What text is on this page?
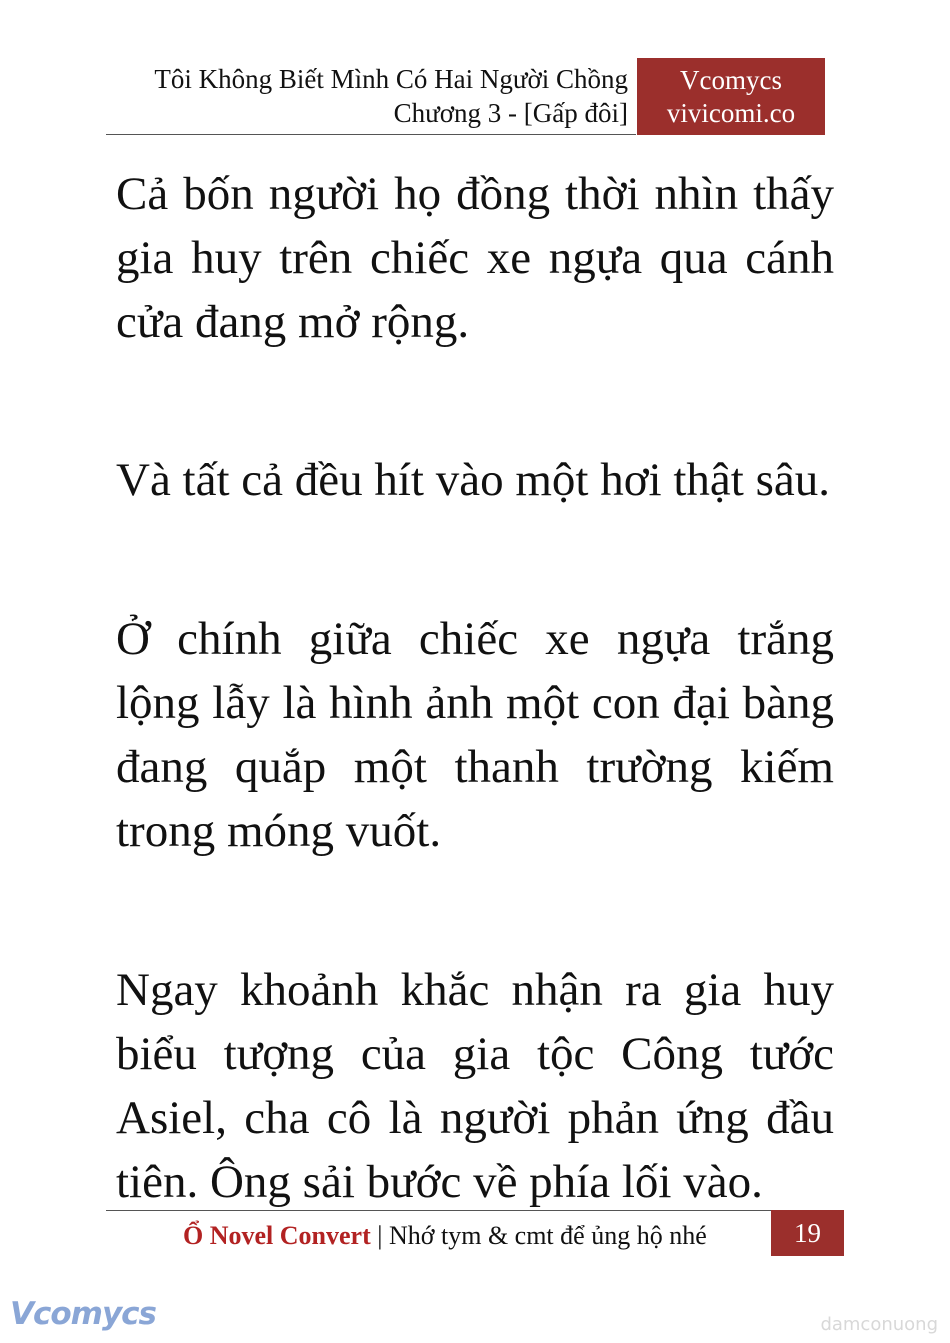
Tôi Không Biết Mình Có Hai Người Chồng
Chương 3 - [Gấp đôi]
Vcomycs
vivicomi.co

Cả bốn người họ đồng thời nhìn thấy gia huy trên chiếc xe ngựa qua cánh cửa đang mở rộng.

Và tất cả đều hít vào một hơi thật sâu.

Ở chính giữa chiếc xe ngựa trắng lộng lẫy là hình ảnh một con đại bàng đang quắp một thanh trường kiếm trong móng vuốt.

Ngay khoảnh khắc nhận ra gia huy biểu tượng của gia tộc Công tước Asiel, cha cô là người phản ứng đầu tiên. Ông sải bước về phía lối vào.

Ổ Novel Convert | Nhớ tym & cmt để ủng hộ nhé	19
Vcomycs	damconuong
